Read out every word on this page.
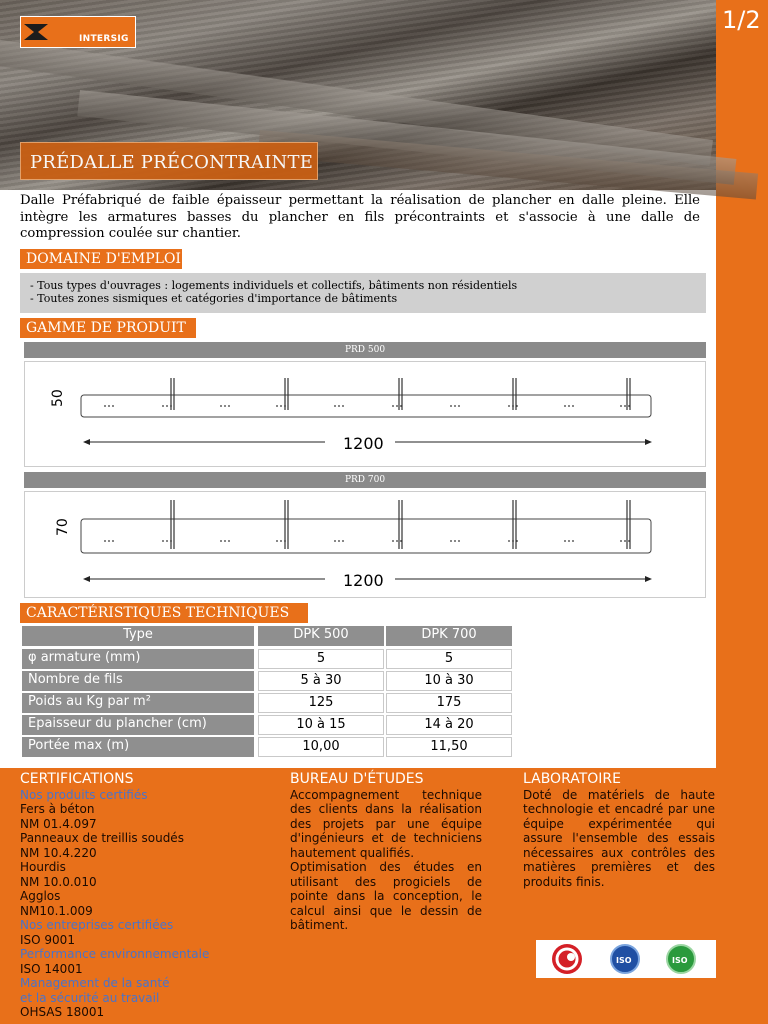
1/2
INTERSIG
PRÉDALLE PRÉCONTRAINTE

Dalle Préfabriqué de faible épaisseur permettant la réalisation de plancher en dalle pleine. Elle intègre les armatures basses du plancher en fils précontraints et s'associe à une dalle de compression coulée sur chantier.

DOMAINE D'EMPLOI
- Tous types d'ouvrages : logements individuels et collectifs, bâtiments non résidentiels
- Toutes zones sismiques et catégories d'importance de bâtiments
GAMME DE PRODUIT
PRD 500
50
1200
PRD 700
70
1200
CARACTÉRISTIQUES TECHNIQUES
Type	DPK 500	DPK 700
φ armature (mm)	5	5
Nombre de fils	5 à 30	10 à 30
Poids au Kg par m²	125	175
Epaisseur du plancher (cm)	10 à 15	14 à 20
Portée max (m)	10,00	11,50
CERTIFICATIONS
Nos produits certifiés
Fers à béton
NM 01.4.097
Panneaux de treillis soudés
NM 10.4.220
Hourdis
NM 10.0.010
Agglos
NM10.1.009
Nos entreprises certifiées
ISO 9001
Performance environnementale
ISO 14001
Management de la santé
et la sécurité au travail
OHSAS 18001
BUREAU D'ÉTUDES

Accompagnement technique des clients dans la réalisation des projets par une équipe d'ingénieurs et de techniciens hautement qualifiés.

Optimisation des études en utilisant des progiciels de pointe dans la conception, le calcul ainsi que le dessin de bâtiment.

LABORATOIRE

Doté de matériels de haute technologie et encadré par une équipe expérimentée qui assure l'ensemble des essais nécessaires aux contrôles des matières premières et des produits finis.

ISO	ISO
